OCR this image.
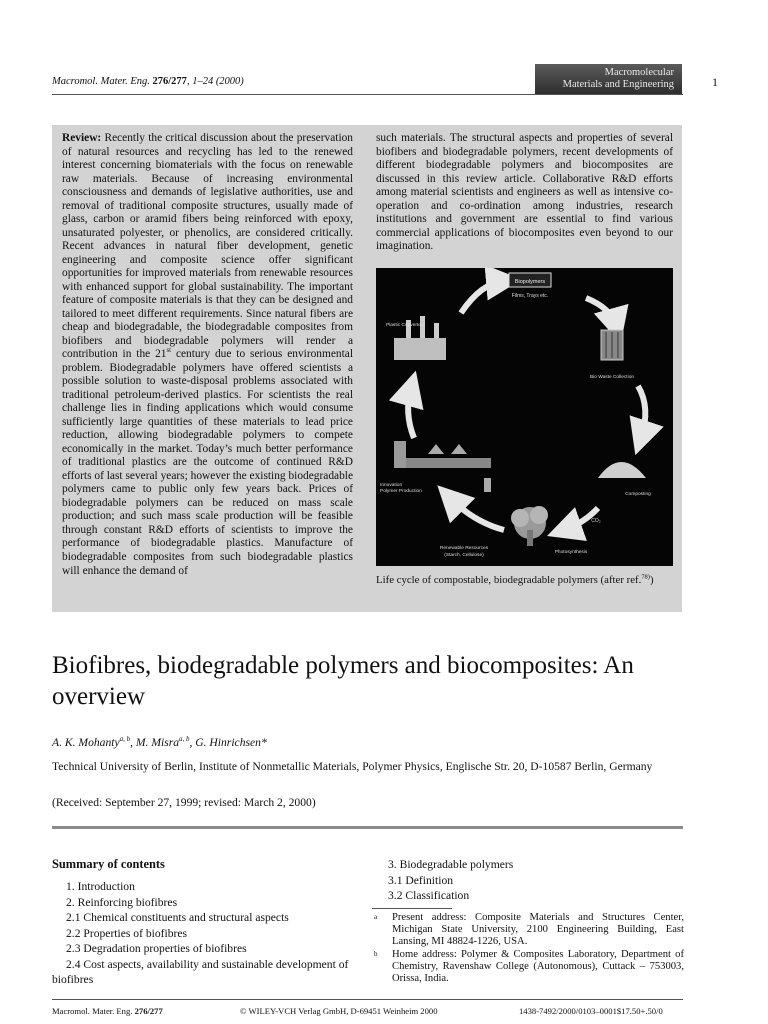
Macromol. Mater. Eng. 276/277, 1–24 (2000)
Macromolecular
Materials and Engineering	1

Review: Recently the critical discussion about the preservation of natural resources and recycling has led to the renewed interest concerning biomaterials with the focus on renewable raw materials. Because of increasing environmental consciousness and demands of legislative authorities, use and removal of traditional composite structures, usually made of glass, carbon or aramid fibers being reinforced with epoxy, unsaturated polyester, or phenolics, are considered critically. Recent advances in natural fiber development, genetic engineering and composite science offer significant opportunities for improved materials from renewable resources with enhanced support for global sustainability. The important feature of composite materials is that they can be designed and tailored to meet different requirements. Since natural fibers are cheap and biodegradable, the biodegradable composites from biofibers and biodegradable polymers will render a contribution in the 21st century due to serious environmental problem. Biodegradable polymers have offered scientists a possible solution to waste-disposal problems associated with traditional petroleum-derived plastics. For scientists the real challenge lies in finding applications which would consume sufficiently large quantities of these materials to lead price reduction, allowing biodegradable polymers to compete economically in the market. Today’s much better performance of traditional plastics are the outcome of continued R&D efforts of last several years; however the existing biodegradable polymers came to public only few years back. Prices of biodegradable polymers can be reduced on mass scale production; and such mass scale production will be feasible through constant R&D efforts of scientists to improve the performance of biodegradable plastics. Manufacture of biodegradable composites from such biodegradable plastics will enhance the demand of

such materials. The structural aspects and properties of several biofibers and biodegradable polymers, recent developments of different biodegradable polymers and biocomposites are discussed in this review article. Collaborative R&D efforts among material scientists and engineers as well as intensive co-operation and co-ordination among industries, research institutions and government are essential to find various commercial applications of biocomposites even beyond to our imagination.

Biopolymers
Films, Trays etc.
Bio Waste Collection
Composting
CO₂
Photosynthesis
Renewable Resources
(Starch, Cellulose)
Innovation
Polymer Production
Plastic Converters

Life cycle of compostable, biodegradable polymers (after ref.$^{78)}$)

Biofibres, biodegradable polymers and biocomposites: An overview
A. K. Mohanty$^{a, b}$, M. Misra$^{a, b}$, G. Hinrichsen*

Technical University of Berlin, Institute of Nonmetallic Materials, Polymer Physics, Englische Str. 20, D-10587 Berlin, Germany

(Received: September 27, 1999; revised: March 2, 2000)

Summary of contents
1. Introduction
2. Reinforcing biofibres
2.1 Chemical constituents and structural aspects
2.2 Properties of biofibres
2.3 Degradation properties of biofibres
2.4 Cost aspects, availability and sustainable development of biofibres
3. Biodegradable polymers
3.1 Definition
3.2 Classification

a Present address: Composite Materials and Structures Center, Michigan State University, 2100 Engineering Building, East Lansing, MI 48824-1226, USA.

b Home address: Polymer & Composites Laboratory, Department of Chemistry, Ravenshaw College (Autonomous), Cuttack – 753003, Orissa, India.

Macromol. Mater. Eng. 276/277	© WILEY-VCH Verlag GmbH, D-69451 Weinheim 2000	1438-7492/2000/0103–0001$17.50+.50/0
